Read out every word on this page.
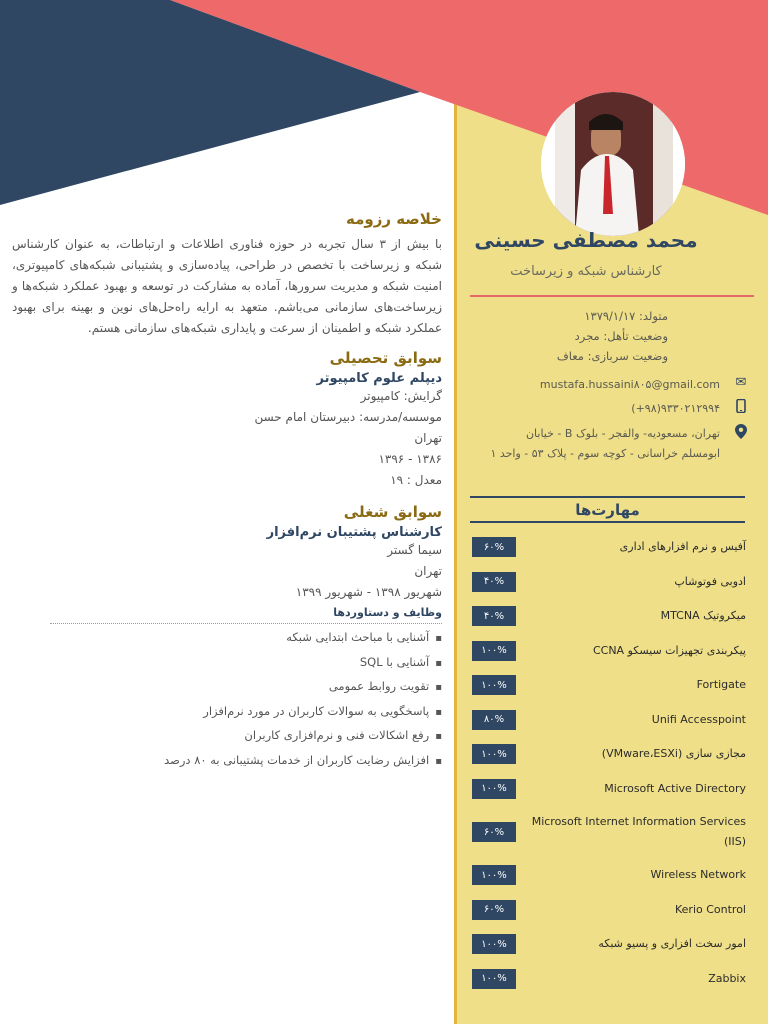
محمد مصطفی حسینی
کارشناس شبکه و زیرساخت
متولد: ۱۳۷۹/۱/۱۷
وضعیت تأهل: مجرد
وضعیت سربازی: معاف
✉
mustafa.hussaini۸۰۵@gmail.com
(+۹۸)۹۳۳۰۲۱۲۹۹۴
تهران، مسعودیه- والفجر - بلوک B - خیابان ابومسلم خراسانی - کوچه سوم - پلاک ۵۳ - واحد ۱
مهارت‌ها
آفیس و نرم افزارهای اداری
۶۰%
ادوبی فوتوشاپ
۴۰%
میکروتیک MTCNA
۴۰%
پیکربندی تجهیزات سیسکو CCNA
۱۰۰%
Fortigate
۱۰۰%
Unifi Accesspoint
۸۰%
مجازی سازی (VMware،ESXi)
۱۰۰%
Microsoft Active Directory
۱۰۰%
Microsoft Internet Information Services (IIS)
۶۰%
Wireless Network
۱۰۰%
Kerio Control
۶۰%
امور سخت افزاری و پسیو شبکه
۱۰۰%
Zabbix
۱۰۰%
خلاصه رزومه

با بیش از ۳ سال تجربه در حوزه فناوری اطلاعات و ارتباطات، به عنوان کارشناس شبکه و زیرساخت با تخصص در طراحی، پیاده‌سازی و پشتیبانی شبکه‌های کامپیوتری، امنیت شبکه و مدیریت سرورها، آماده به مشارکت در توسعه و بهبود عملکرد شبکه‌ها و زیرساخت‌های سازمانی می‌باشم. متعهد به ارایه راه‌حل‌های نوین و بهینه برای بهبود عملکرد شبکه و اطمینان از سرعت و پایداری شبکه‌های سازمانی هستم.

سوابق تحصیلی
دیپلم علوم کامپیوتر
گرایش: کامپیوتر
موسسه/مدرسه: دبیرستان امام حسن
تهران
۱۳۸۶ - ۱۳۹۶
معدل : ۱۹
سوابق شغلی
کارشناس پشتیبان نرم‌افزار
سیما گستر
تهران
شهریور ۱۳۹۸ - شهریور ۱۳۹۹
وظایف و دستاوردها
▪آشنایی با مباحث ابتدایی شبکه
▪آشنایی با SQL
▪تقویت روابط عمومی
▪پاسخگویی به سوالات کاربران در مورد نرم‌افزار
▪رفع اشکالات فنی و نرم‌افزاری کاربران
▪افزایش رضایت کاربران از خدمات پشتیبانی به ۸۰ درصد
